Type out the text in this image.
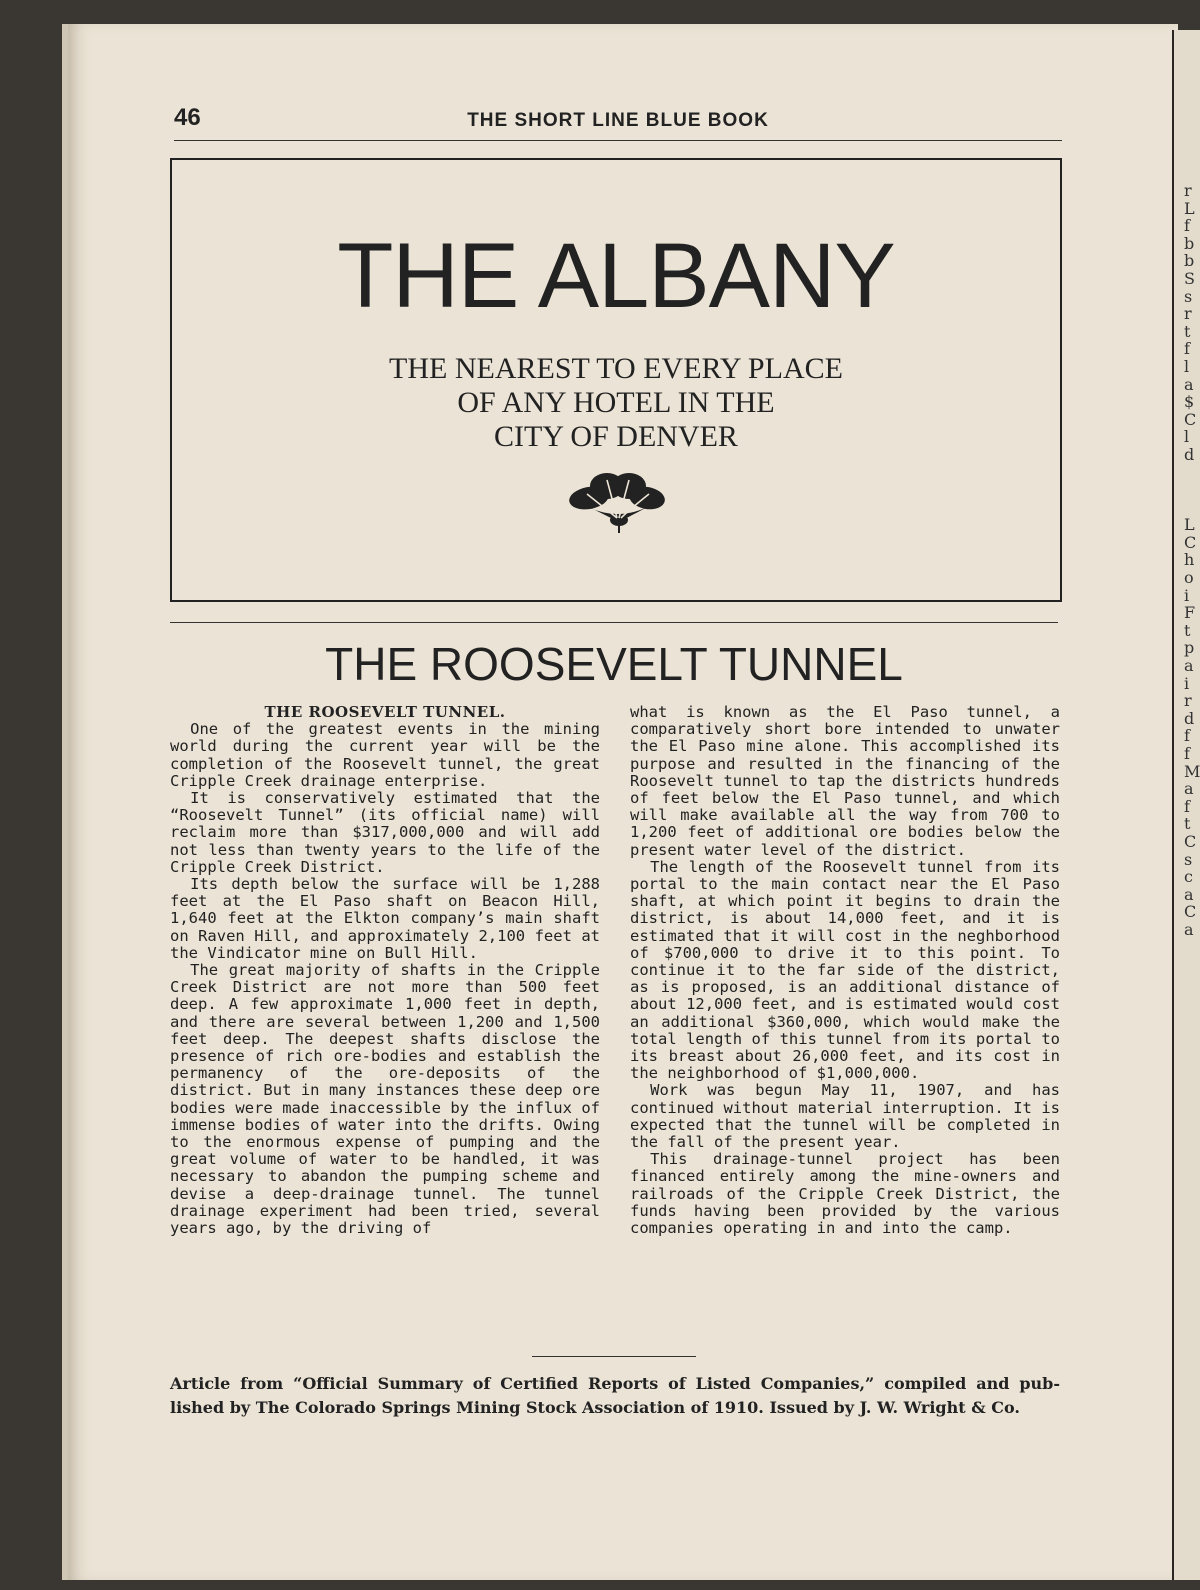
r
L
f
b
b
S
s
r
t
f
l
a
$
C
l
d
L
C
h
o
i
F
t
p
a
i
r
d
f
f
M
a
f
t
C
s
c
a
C
a
46	THE SHORT LINE BLUE BOOK
THE ALBANY
THE NEAREST TO EVERY PLACE
OF ANY HOTEL IN THE
CITY OF DENVER
THE ROOSEVELT TUNNEL

THE ROOSEVELT TUNNEL.

One of the greatest events in the mining world during the current year will be the completion of the Roosevelt tunnel, the great Cripple Creek drainage enterprise.

It is conservatively estimated that the “Roosevelt Tunnel” (its official name) will reclaim more than $317,000,000 and will add not less than twenty years to the life of the Cripple Creek District.

Its depth below the surface will be 1,288 feet at the El Paso shaft on Beacon Hill, 1,640 feet at the Elkton company’s main shaft on Raven Hill, and approximately 2,100 feet at the Vindicator mine on Bull Hill.

The great majority of shafts in the Cripple Creek District are not more than 500 feet deep. A few approximate 1,000 feet in depth, and there are several between 1,200 and 1,500 feet deep. The deepest shafts disclose the presence of rich ore-bodies and establish the permanency of the ore-deposits of the district. But in many instances these deep ore bodies were made inaccessible by the influx of immense bodies of water into the drifts. Owing to the enormous expense of pumping and the great volume of water to be handled, it was necessary to abandon the pumping scheme and devise a deep-drainage tunnel. The tunnel drainage experiment had been tried, several years ago, by the driving of

what is known as the El Paso tunnel, a comparatively short bore intended to unwater the El Paso mine alone. This accomplished its purpose and resulted in the financing of the Roosevelt tunnel to tap the districts hundreds of feet below the El Paso tunnel, and which will make available all the way from 700 to 1,200 feet of additional ore bodies below the present water level of the district.

The length of the Roosevelt tunnel from its portal to the main contact near the El Paso shaft, at which point it begins to drain the district, is about 14,000 feet, and it is estimated that it will cost in the neghborhood of $700,000 to drive it to this point. To continue it to the far side of the district, as is proposed, is an additional distance of about 12,000 feet, and is estimated would cost an additional $360,000, which would make the total length of this tunnel from its portal to its breast about 26,000 feet, and its cost in the neighborhood of $1,000,000.

Work was begun May 11, 1907, and has continued without material interruption. It is expected that the tunnel will be completed in the fall of the present year.

This drainage-tunnel project has been financed entirely among the mine-owners and railroads of the Cripple Creek District, the funds having been provided by the various companies operating in and into the camp.

Article from “Official Summary of Certified Reports of Listed Companies,” compiled and pub-
lished by The Colorado Springs Mining Stock Association of 1910. Issued by J. W. Wright & Co.
